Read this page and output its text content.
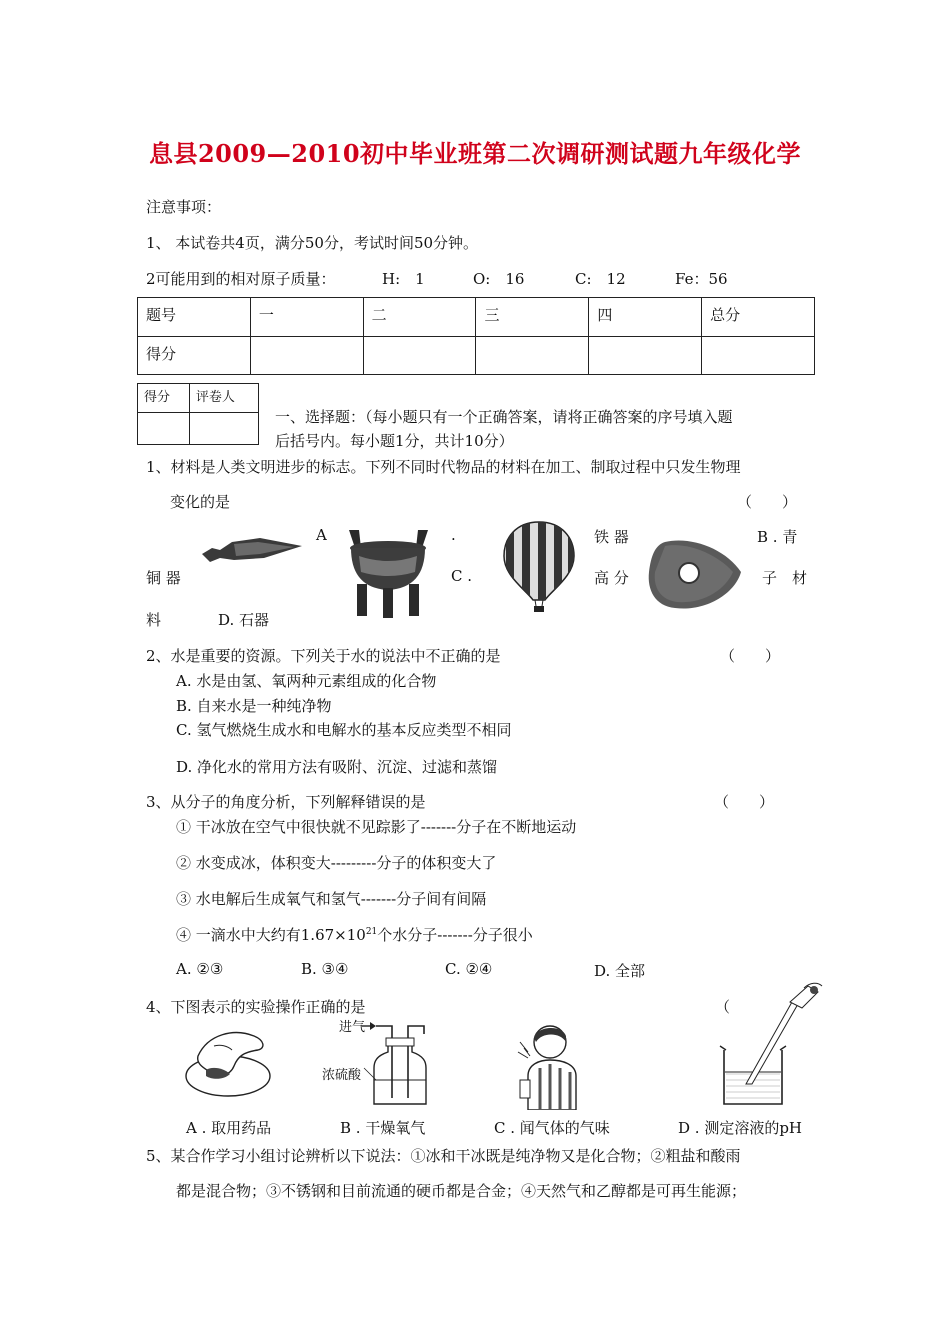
息县2009—2010初中毕业班第二次调研测试题九年级化学
注意事项：
1、 本试卷共4页，满分50分，考试时间50分钟。
2可能用到的相对原子质量：	H:　1	O:　16	C:　12	Fe：56
题号	一	二	三	四	总分
得分					
得分	评卷人

一、选择题：（每小题只有一个正确答案，请将正确答案的序号填入题
后括号内。每小题1分，共计10分）
1、材料是人类文明进步的标志。下列不同时代物品的材料在加工、制取过程中只发生物理
变化的是	（　　）
A	.	铁 器	B . 青
铜 器	C .	高 分	子　材
料	D. 石器
2、水是重要的资源。下列关于水的说法中不正确的是	（　　）
A. 水是由氢、氧两种元素组成的化合物
B. 自来水是一种纯净物
C. 氢气燃烧生成水和电解水的基本反应类型不相同
D. 净化水的常用方法有吸附、沉淀、过滤和蒸馏
3、从分子的角度分析，下列解释错误的是	（　　）
① 干冰放在空气中很快就不见踪影了-------分子在不断地运动
② 水变成冰，体积变大---------分子的体积变大了
③ 水电解后生成氧气和氢气-------分子间有间隔
④ 一滴水中大约有$1.67\times 10^{21}$个水分子-------分子很小
A. ②③	B. ③④	C. ②④	D. 全部
4、下图表示的实验操作正确的是	（
进气
浓硫酸
A . 取用药品	B . 干燥氧气	C . 闻气体的气味	D . 测定溶液的pH
5、某合作学习小组讨论辨析以下说法：①冰和干冰既是纯净物又是化合物；②粗盐和酸雨
都是混合物；③不锈钢和目前流通的硬币都是合金；④天然气和乙醇都是可再生能源；
